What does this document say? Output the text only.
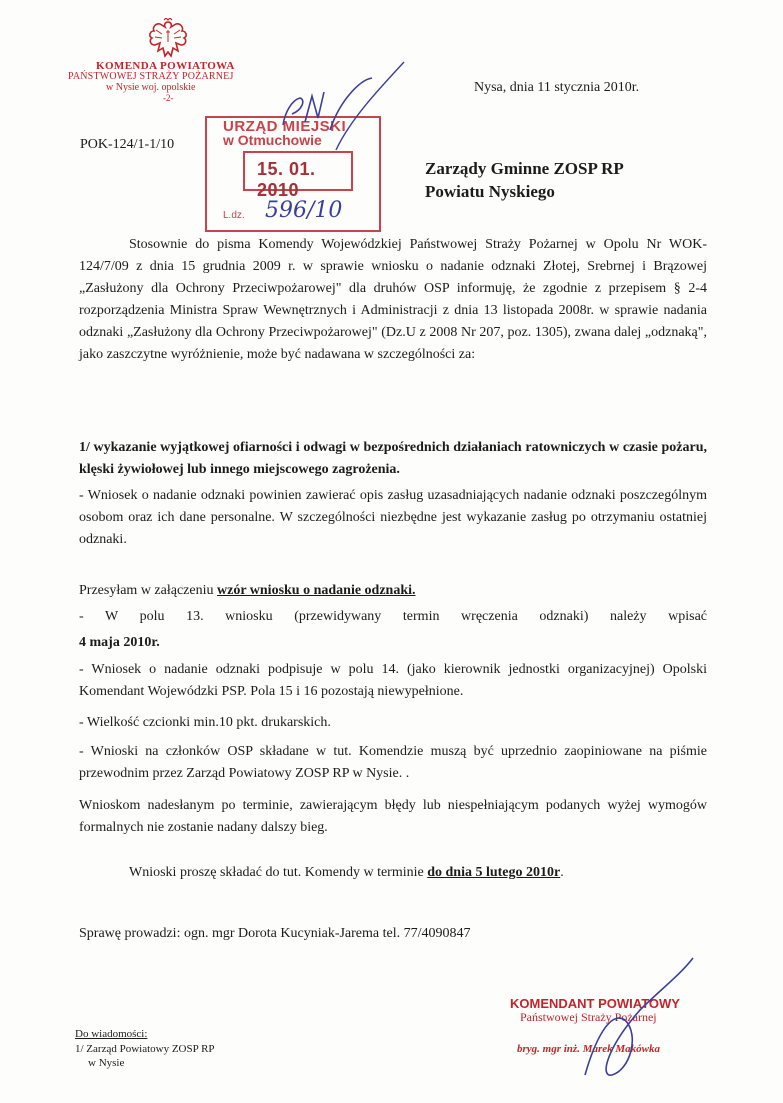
KOMENDA POWIATOWA
PAŃSTWOWEJ STRAŻY POŻARNEJ
w Nysie woj. opolskie
-2-
Nysa, dnia 11 stycznia 2010r.
POK-124/1-1/10
Zarządy Gminne ZOSP RP
Powiatu Nyskiego
URZĄD MIEJSKI
w Otmuchowie
15. 01. 2010
L.dz. 596/10
Stosownie do pisma Komendy Wojewódzkiej Państwowej Straży Pożarnej w Opolu Nr WOK-124/7/09 z dnia 15 grudnia 2009 r. w sprawie wniosku o nadanie odznaki Złotej, Srebrnej i Brązowej „Zasłużony dla Ochrony Przeciwpożarowej" dla druhów OSP informuję, że zgodnie z przepisem § 2-4 rozporządzenia Ministra Spraw Wewnętrznych i Administracji z dnia 13 listopada 2008r. w sprawie nadania odznaki „Zasłużony dla Ochrony Przeciwpożarowej" (Dz.U z 2008 Nr 207, poz. 1305), zwana dalej „odznaką", jako zaszczytne wyróżnienie, może być nadawana w szczególności za:
1/ wykazanie wyjątkowej ofiarności i odwagi w bezpośrednich działaniach ratowniczych w czasie pożaru, klęski żywiołowej lub innego miejscowego zagrożenia.
- Wniosek o nadanie odznaki powinien zawierać opis zasług uzasadniających nadanie odznaki poszczególnym osobom oraz ich dane personalne. W szczególności niezbędne jest wykazanie zasług po otrzymaniu ostatniej odznaki.
Przesyłam w załączeniu wzór wniosku o nadanie odznaki.
- W polu 13. wniosku (przewidywany termin wręczenia odznaki) należy wpisać
4 maja 2010r.
- Wniosek o nadanie odznaki podpisuje w polu 14. (jako kierownik jednostki organizacyjnej) Opolski Komendant Wojewódzki PSP. Pola 15 i 16 pozostają niewypełnione.
- Wielkość czcionki min.10 pkt. drukarskich.
- Wnioski na członków OSP składane w tut. Komendzie muszą być uprzednio zaopiniowane na piśmie przewodnim przez Zarząd Powiatowy ZOSP RP w Nysie. .
Wnioskom nadesłanym po terminie, zawierającym błędy lub niespełniającym podanych wyżej wymogów formalnych nie zostanie nadany dalszy bieg.
Wnioski proszę składać do tut. Komendy w terminie do dnia 5 lutego 2010r.
Sprawę prowadzi: ogn. mgr Dorota Kucyniak-Jarema tel. 77/4090847
KOMENDANT POWIATOWY
Państwowej Straży Pożarnej
bryg. mgr inż. Marek Makówka
Do wiadomości:
1/ Zarząd Powiatowy ZOSP RP
w Nysie
